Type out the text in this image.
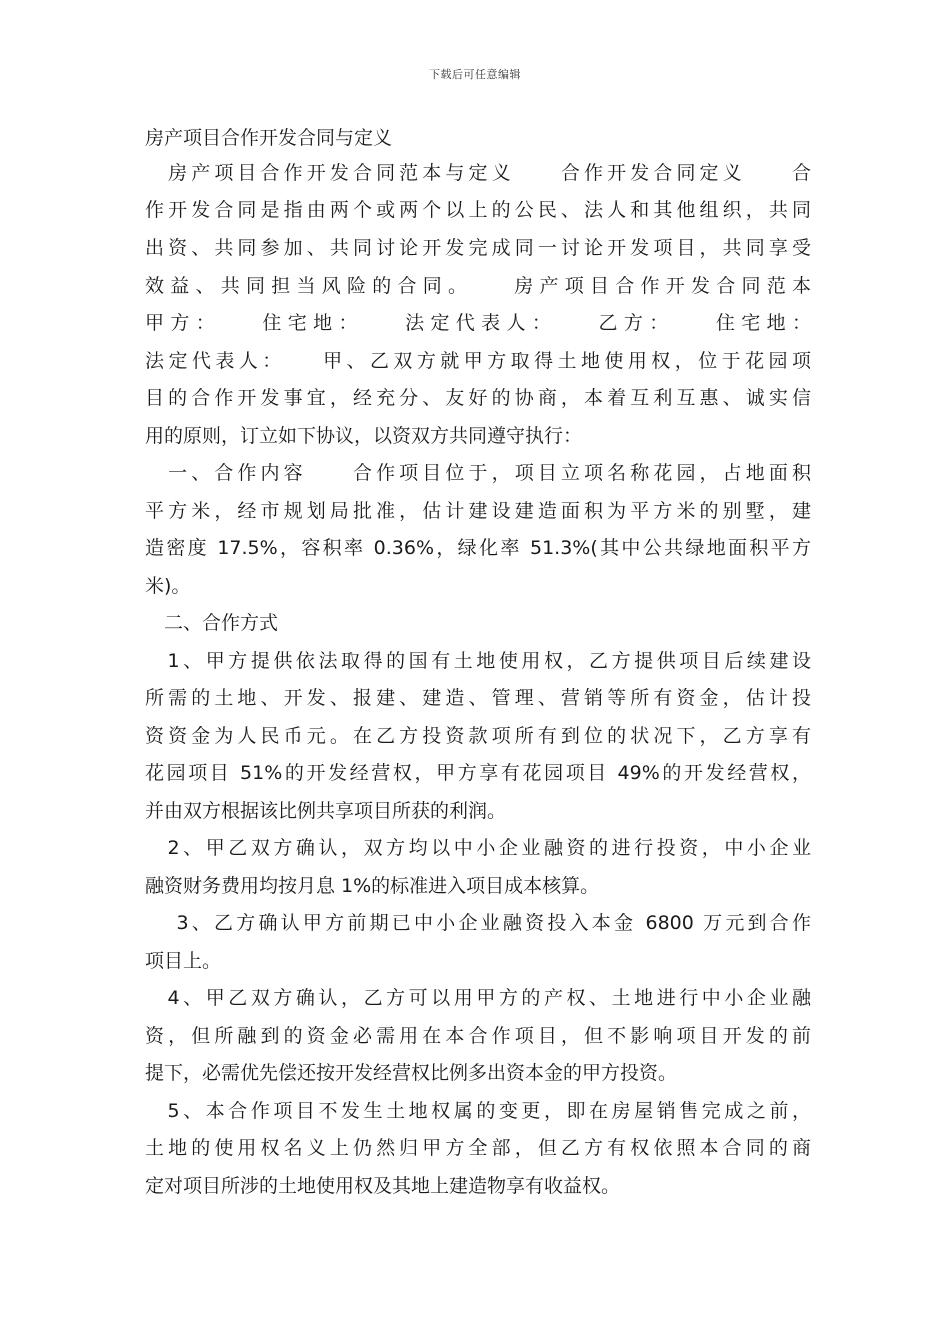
下载后可任意编辑
房产项目合作开发合同与定义
　房产项目合作开发合同范本与定义　　合作开发合同定义　　合
作开发合同是指由两个或两个以上的公民、法人和其他组织，共同
出资、共同参加、共同讨论开发完成同一讨论开发项目，共同享受
效益、共同担当风险的合同。　　房产项目合作开发合同范本
甲方：　　住宅地：　　法定代表人：　　乙方：　　住宅地：
法定代表人：　　甲、乙双方就甲方取得土地使用权，位于花园项
目的合作开发事宜，经充分、友好的协商，本着互利互惠、诚实信
用的原则，订立如下协议，以资双方共同遵守执行：
　一、合作内容　　合作项目位于，项目立项名称花园，占地面积
平方米，经市规划局批准，估计建设建造面积为平方米的别墅，建
造密度 17.5%，容积率 0.36%，绿化率 51.3%(其中公共绿地面积平方
米)。
　二、合作方式
　1、甲方提供依法取得的国有土地使用权，乙方提供项目后续建设
所需的土地、开发、报建、建造、管理、营销等所有资金，估计投
资资金为人民币元。在乙方投资款项所有到位的状况下，乙方享有
花园项目 51%的开发经营权，甲方享有花园项目 49%的开发经营权，
并由双方根据该比例共享项目所获的利润。
　2、甲乙双方确认，双方均以中小企业融资的进行投资，中小企业
融资财务费用均按月息 1%的标准进入项目成本核算。
　 3、乙方确认甲方前期已中小企业融资投入本金 6800 万元到合作
项目上。
　4、甲乙双方确认，乙方可以用甲方的产权、土地进行中小企业融
资，但所融到的资金必需用在本合作项目，但不影响项目开发的前
提下，必需优先偿还按开发经营权比例多出资本金的甲方投资。
　5、本合作项目不发生土地权属的变更，即在房屋销售完成之前，
土地的使用权名义上仍然归甲方全部，但乙方有权依照本合同的商
定对项目所涉的土地使用权及其地上建造物享有收益权。
